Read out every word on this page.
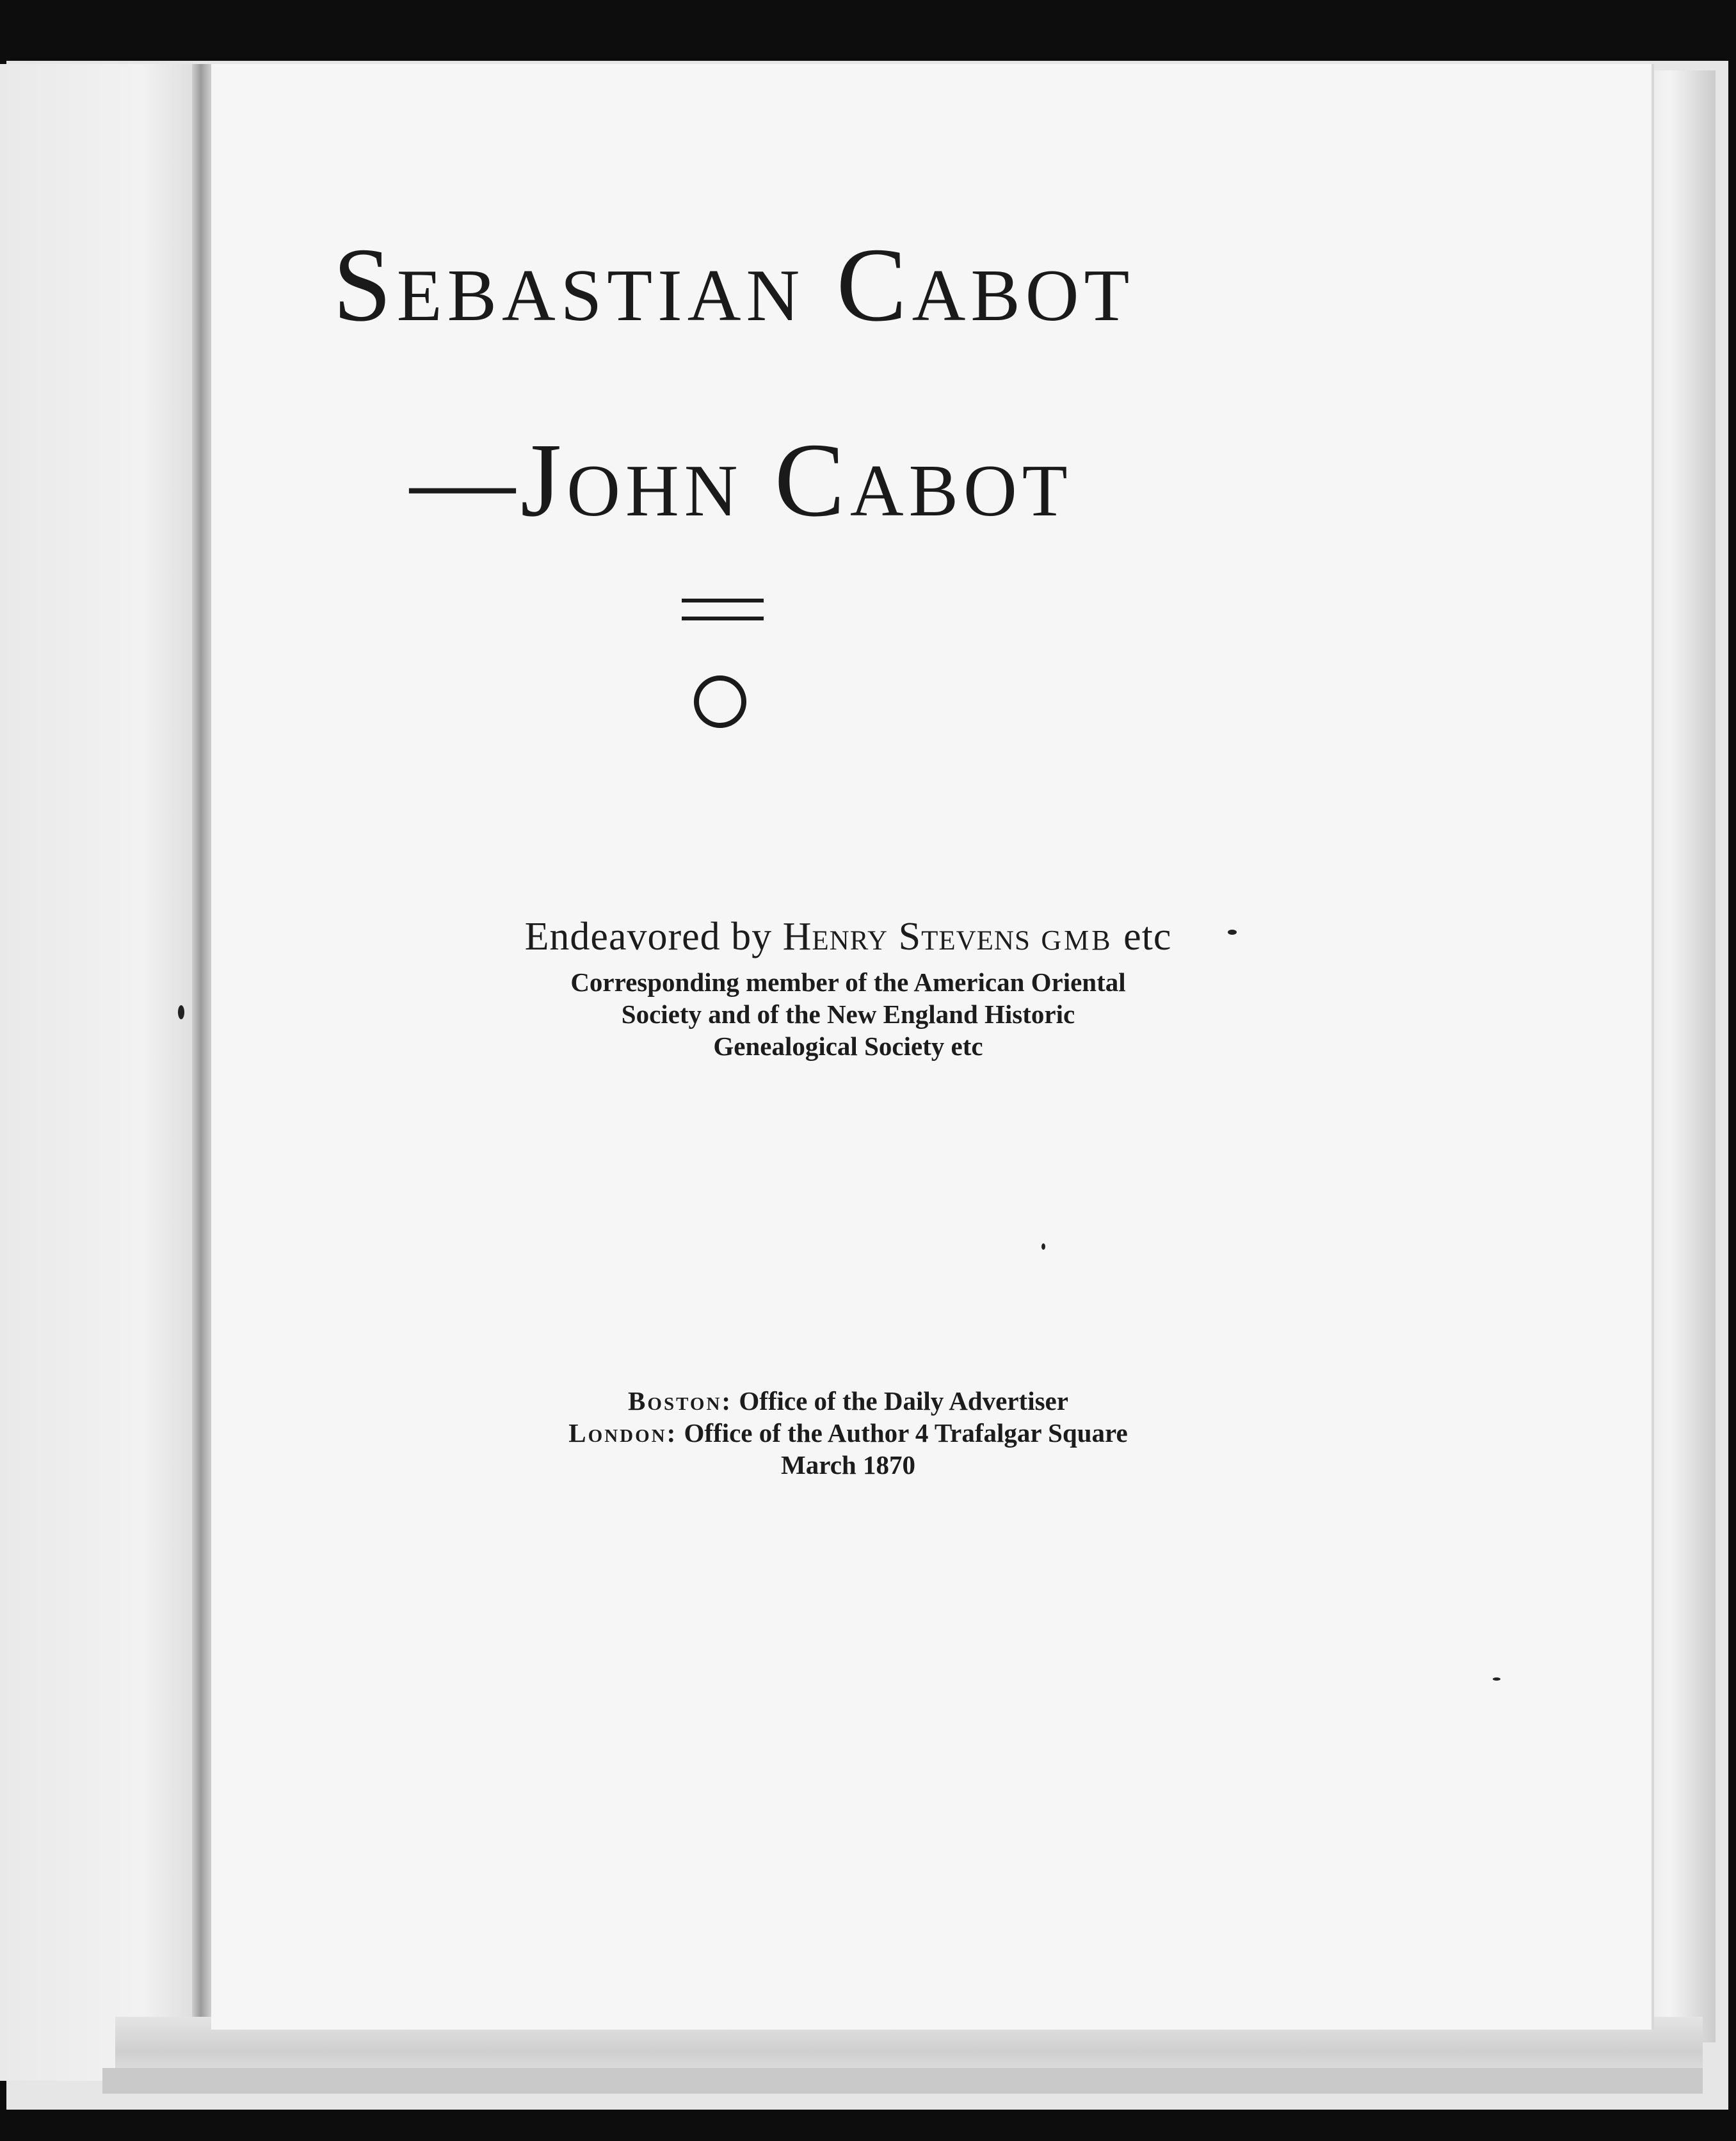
Sebastian Cabot
—John Cabot

Endeavored by Henry Stevens GMB etc

Corresponding member of the American Oriental

Society and of the New England Historic

Genealogical Society etc

Boston: Office of the Daily Advertiser

London: Office of the Author 4 Trafalgar Square

March 1870
